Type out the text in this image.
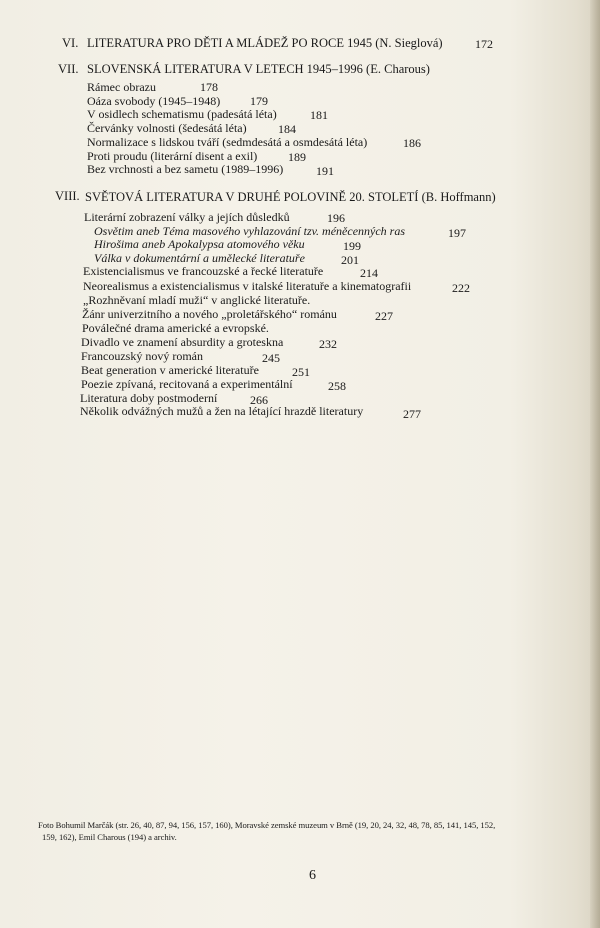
VI. LITERATURA PRO DĚTI A MLÁDEŽ PO ROCE 1945 (N. Sieglová)	172
VII. SLOVENSKÁ LITERATURA V LETECH 1945–1996 (E. Charous)
Rámec obrazu	178
Oáza svobody (1945–1948) 179
V osidlech schematismu (padesátá léta)	181
Červánky volnosti (šedesátá léta)	184
Normalizace s lidskou tváří (sedmdesátá a osmdesátá léta)	186
Proti proudu (literární disent a exil)	189
Bez vrchnosti a bez sametu (1989–1996)	191
VIII. SVĚTOVÁ LITERATURA V DRUHÉ POLOVINĚ 20. STOLETÍ (B. Hoffmann)
Literární zobrazení války a jejích důsledků	196
Osvětim aneb Téma masového vyhlazování tzv. méněcenných ras	197
Hirošima aneb Apokalypsa atomového věku	199
Válka v dokumentární a umělecké literatuře	201
Existencialismus ve francouzské a řecké literatuře	214
Neorealismus a existencialismus v italské literatuře a kinematografii	222
„Rozhněvaní mladí muži“ v anglické literatuře.
Žánr univerzitního a nového „proletářského“ románu	227
Poválečné drama americké a evropské.
Divadlo ve znamení absurdity a groteskna	232
Francouzský nový román	245
Beat generation v americké literatuře	251
Poezie zpívaná, recitovaná a experimentální	258
Literatura doby postmoderní	266
Několik odvážných mužů a žen na létající hrazdě literatury	277
Foto Bohumil Marčák (str. 26, 40, 87, 94, 156, 157, 160), Moravské zemské muzeum v Brně (19, 20, 24, 32, 48, 78, 85, 141, 145, 152,
159, 162), Emil Charous (194) a archiv.
6
